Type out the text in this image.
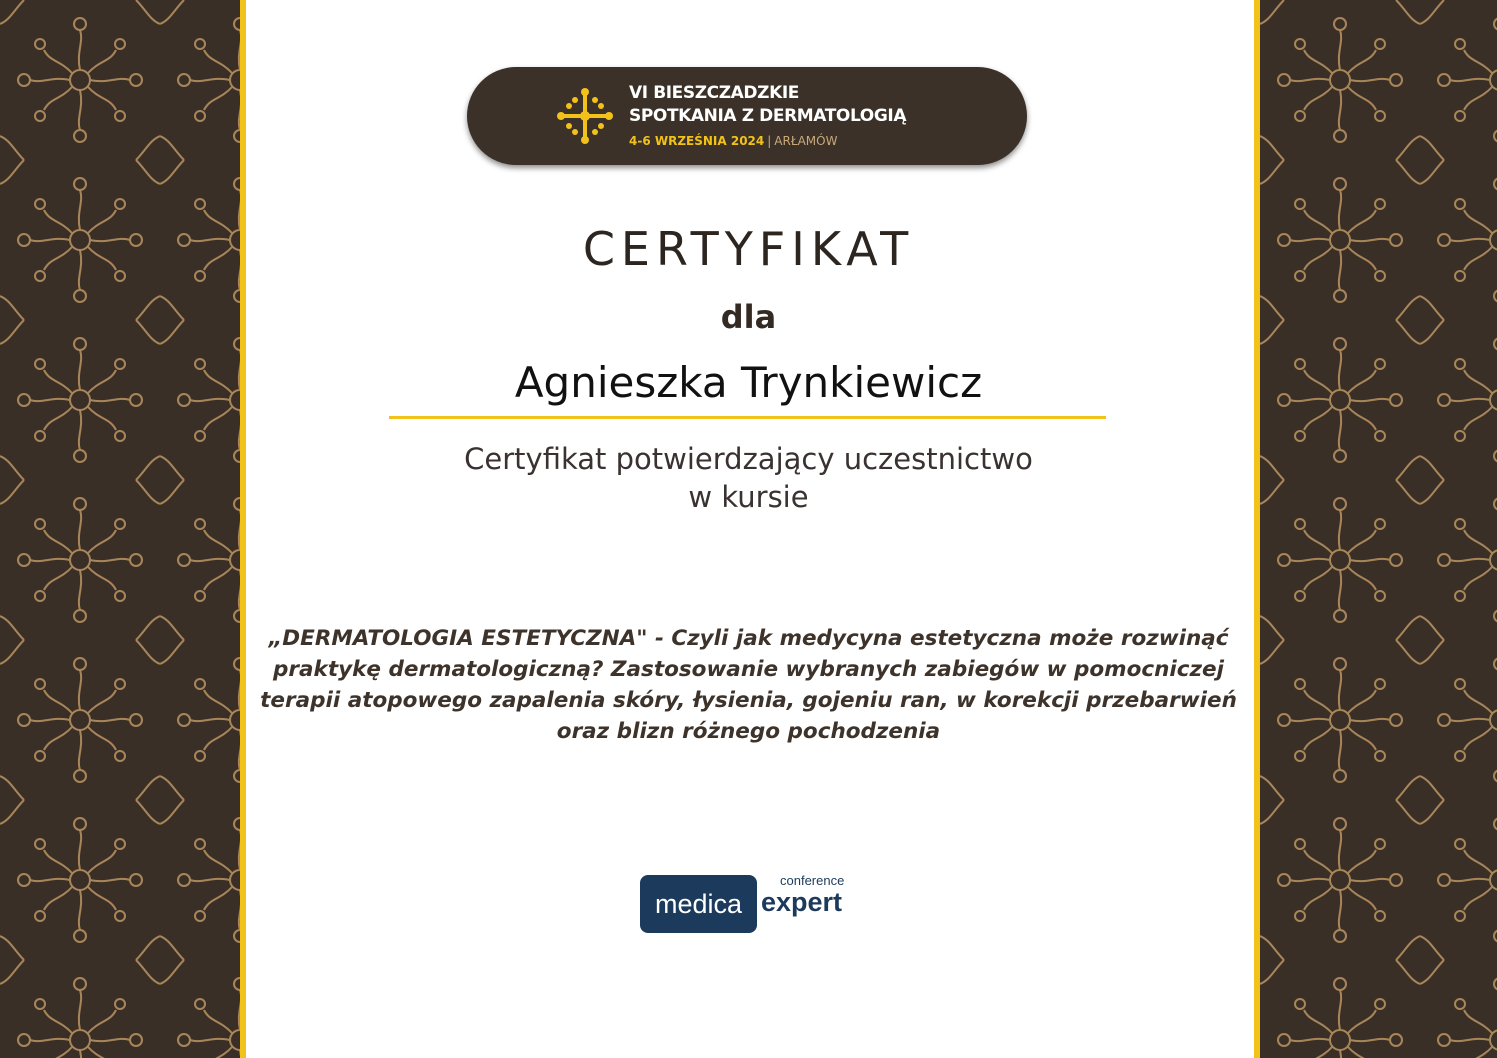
VI BIESZCZADZKIE
SPOTKANIA Z DERMATOLOGIĄ
4-6 WRZEŚNIA 2024 | ARŁAMÓW
CERTYFIKAT
dla
Agnieszka Trynkiewicz
Certyfikat potwierdzający uczestnictwo
w kursie
„DERMATOLOGIA ESTETYCZNA" - Czyli jak medycyna estetyczna może rozwinąć praktykę dermatologiczną? Zastosowanie wybranych zabiegów w pomocniczej terapii atopowego zapalenia skóry, łysienia, gojeniu ran, w korekcji przebarwień oraz blizn różnego pochodzenia
medica
conference
expert
